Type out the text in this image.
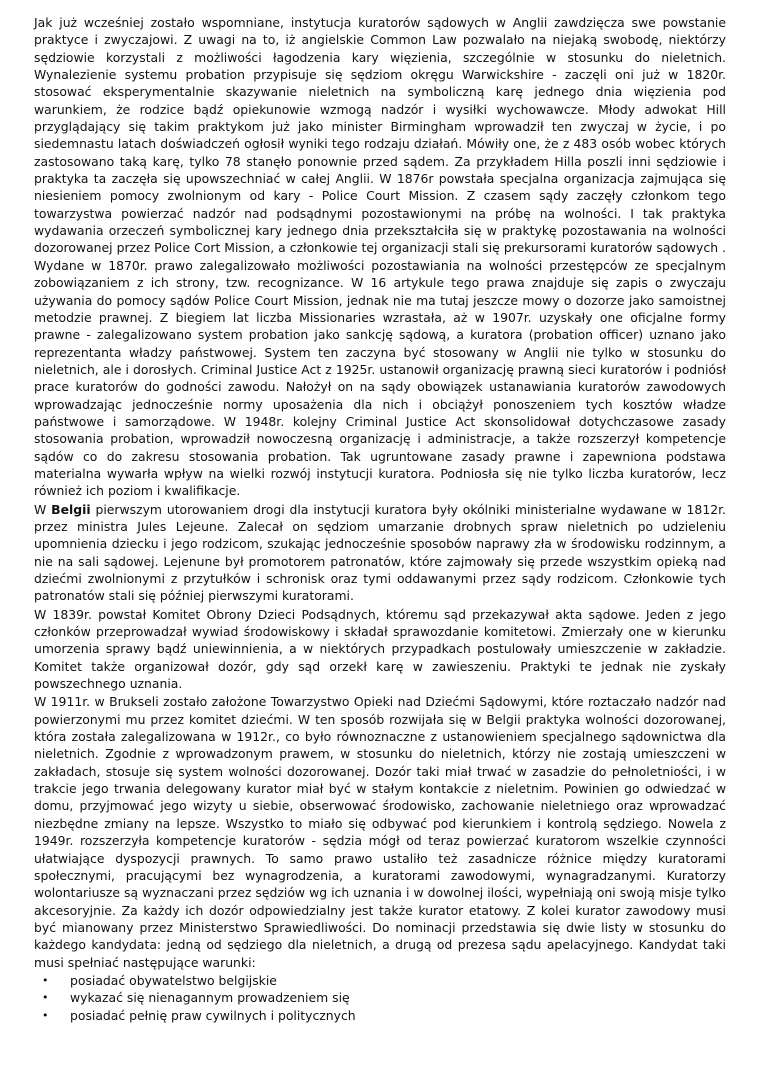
Jak już wcześniej zostało wspomniane, instytucja kuratorów sądowych w Anglii zawdzięcza swe powstanie praktyce i zwyczajowi. Z uwagi na to, iż angielskie Common Law pozwalało na niejaką swobodę, niektórzy sędziowie korzystali z możliwości łagodzenia kary więzienia, szczególnie w stosunku do nieletnich. Wynalezienie systemu probation przypisuje się sędziom okręgu Warwickshire - zaczęli oni już w 1820r. stosować eksperymentalnie skazywanie nieletnich na symboliczną karę jednego dnia więzienia pod warunkiem, że rodzice bądź opiekunowie wzmogą nadzór i wysiłki wychowawcze. Młody adwokat Hill przyglądający się takim praktykom już jako minister Birmingham wprowadził ten zwyczaj w życie, i po siedemnastu latach doświadczeń ogłosił wyniki tego rodzaju działań. Mówiły one, że z 483 osób wobec których zastosowano taką karę, tylko 78 stanęło ponownie przed sądem. Za przykładem Hilla poszli inni sędziowie i praktyka ta zaczęła się upowszechniać w całej Anglii. W 1876r powstała specjalna organizacja zajmująca się niesieniem pomocy zwolnionym od kary - Police Court Mission. Z czasem sądy zaczęły członkom tego towarzystwa powierzać nadzór nad podsądnymi pozostawionymi na próbę na wolności. I tak praktyka wydawania orzeczeń symbolicznej kary jednego dnia przekształciła się w praktykę pozostawania na wolności dozorowanej przez Police Cort Mission, a członkowie tej organizacji stali się prekursorami kuratorów sądowych . Wydane w 1870r. prawo zalegalizowało możliwości pozostawiania na wolności przestępców ze specjalnym zobowiązaniem z ich strony, tzw. recognizance. W 16 artykule tego prawa znajduje się zapis o zwyczaju używania do pomocy sądów Police Court Mission, jednak nie ma tutaj jeszcze mowy o dozorze jako samoistnej metodzie prawnej. Z biegiem lat liczba Missionaries wzrastała, aż w 1907r. uzyskały one oficjalne formy prawne - zalegalizowano system probation jako sankcję sądową, a kuratora (probation officer) uznano jako reprezentanta władzy państwowej. System ten zaczyna być stosowany w Anglii nie tylko w stosunku do nieletnich, ale i dorosłych. Criminal Justice Act z 1925r. ustanowił organizację prawną sieci kuratorów i podniósł prace kuratorów do godności zawodu. Nałożył on na sądy obowiązek ustanawiania kuratorów zawodowych wprowadzając jednocześnie normy uposażenia dla nich i obciążył ponoszeniem tych kosztów władze państwowe i samorządowe. W 1948r. kolejny Criminal Justice Act skonsolidował dotychczasowe zasady stosowania probation, wprowadził nowoczesną organizację i administracje, a także rozszerzył kompetencje sądów co do zakresu stosowania probation. Tak ugruntowane zasady prawne i zapewniona podstawa materialna wywarła wpływ na wielki rozwój instytucji kuratora. Podniosła się nie tylko liczba kuratorów, lecz również ich poziom i kwalifikacje.

W Belgii pierwszym utorowaniem drogi dla instytucji kuratora były okólniki ministerialne wydawane w 1812r. przez ministra Jules Lejeune. Zalecał on sędziom umarzanie drobnych spraw nieletnich po udzieleniu upomnienia dziecku i jego rodzicom, szukając jednocześnie sposobów naprawy zła w środowisku rodzinnym, a nie na sali sądowej. Lejenune był promotorem patronatów, które zajmowały się przede wszystkim opieką nad dziećmi zwolnionymi z przytułków i schronisk oraz tymi oddawanymi przez sądy rodzicom. Członkowie tych patronatów stali się później pierwszymi kuratorami.

W 1839r. powstał Komitet Obrony Dzieci Podsądnych, któremu sąd przekazywał akta sądowe. Jeden z jego członków przeprowadzał wywiad środowiskowy i składał sprawozdanie komitetowi. Zmierzały one w kierunku umorzenia sprawy bądź uniewinnienia, a w niektórych przypadkach postulowały umieszczenie w zakładzie. Komitet także organizował dozór, gdy sąd orzekł karę w zawieszeniu. Praktyki te jednak nie zyskały powszechnego uznania.

W 1911r. w Brukseli zostało założone Towarzystwo Opieki nad Dziećmi Sądowymi, które roztaczało nadzór nad powierzonymi mu przez komitet dziećmi. W ten sposób rozwijała się w Belgii praktyka wolności dozorowanej, która została zalegalizowana w 1912r., co było równoznaczne z ustanowieniem specjalnego sądownictwa dla nieletnich. Zgodnie z wprowadzonym prawem, w stosunku do nieletnich, którzy nie zostają umieszczeni w zakładach, stosuje się system wolności dozorowanej. Dozór taki miał trwać w zasadzie do pełnoletniości, i w trakcie jego trwania delegowany kurator miał być w stałym kontakcie z nieletnim. Powinien go odwiedzać w domu, przyjmować jego wizyty u siebie, obserwować środowisko, zachowanie nieletniego oraz wprowadzać niezbędne zmiany na lepsze. Wszystko to miało się odbywać pod kierunkiem i kontrolą sędziego. Nowela z 1949r. rozszerzyła kompetencje kuratorów - sędzia mógł od teraz powierzać kuratorom wszelkie czynności ułatwiające dyspozycji prawnych. To samo prawo ustaliło też zasadnicze różnice między kuratorami społecznymi, pracującymi bez wynagrodzenia, a kuratorami zawodowymi, wynagradzanymi. Kuratorzy wolontariusze są wyznaczani przez sędziów wg ich uznania i w dowolnej ilości, wypełniają oni swoją misje tylko akcesoryjnie. Za każdy ich dozór odpowiedzialny jest także kurator etatowy. Z kolei kurator zawodowy musi być mianowany przez Ministerstwo Sprawiedliwości. Do nominacji przedstawia się dwie listy w stosunku do każdego kandydata: jedną od sędziego dla nieletnich, a drugą od prezesa sądu apelacyjnego. Kandydat taki musi spełniać następujące warunki:

• posiadać obywatelstwo belgijskie
• wykazać się nienagannym prowadzeniem się
• posiadać pełnię praw cywilnych i politycznych
